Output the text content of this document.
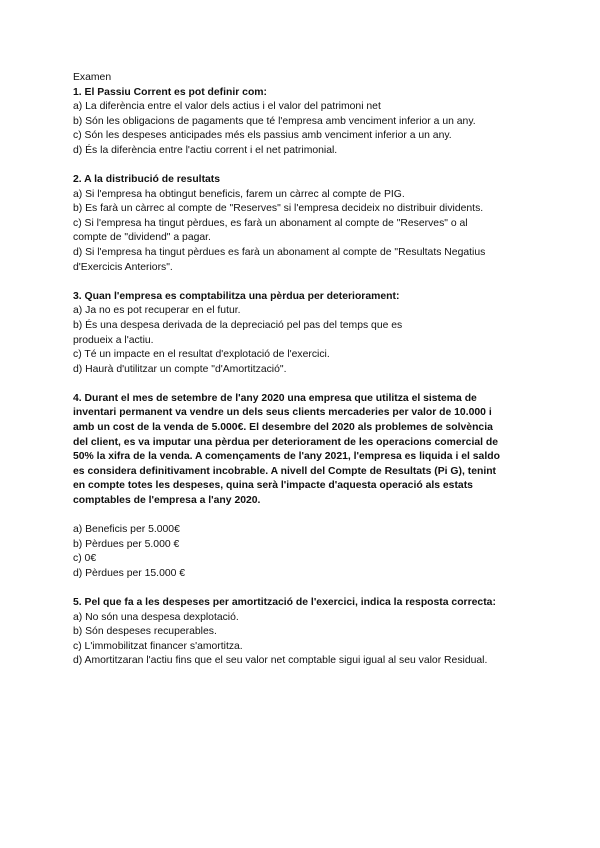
Examen
1. El Passiu Corrent es pot definir com:
a) La diferència entre el valor dels actius i el valor del patrimoni net
b) Són les obligacions de pagaments que té l'empresa amb venciment inferior a un any.
c) Són les despeses anticipades més els passius amb venciment inferior a un any.
d) És la diferència entre l'actiu corrent i el net patrimonial.
2. A la distribució de resultats
a) Si l'empresa ha obtingut beneficis, farem un càrrec al compte de PIG.
b) Es farà un càrrec al compte de "Reserves" si l'empresa decideix no distribuir dividents.
c) Si l'empresa ha tingut pèrdues, es farà un abonament al compte de "Reserves" o al
compte de "dividend" a pagar.
d) Si l'empresa ha tingut pèrdues es farà un abonament al compte de "Resultats Negatius
d'Exercicis Anteriors".
3. Quan l'empresa es comptabilitza una pèrdua per deteriorament:
a) Ja no es pot recuperar en el futur.
b) És una despesa derivada de la depreciació pel pas del temps que es
produeix a l'actiu.
c) Té un impacte en el resultat d'explotació de l'exercici.
d) Haurà d'utilitzar un compte "d'Amortització".
4. Durant el mes de setembre de l'any 2020 una empresa que utilitza el sistema de
inventari permanent va vendre un dels seus clients mercaderies per valor de 10.000 i
amb un cost de la venda de 5.000€. El desembre del 2020 als problemes de solvència
del client, es va imputar una pèrdua per deteriorament de les operacions comercial de
50% la xifra de la venda. A començaments de l'any 2021, l'empresa es liquida i el saldo
es considera definitivament incobrable. A nivell del Compte de Resultats (Pi G), tenint
en compte totes les despeses, quina serà l'impacte d'aquesta operació als estats
comptables de l'empresa a l'any 2020.
a) Beneficis per 5.000€
b) Pèrdues per 5.000 €
c) 0€
d) Pèrdues per 15.000 €
5. Pel que fa a les despeses per amortització de l'exercici, indica la resposta correcta:
a) No són una despesa dexplotació.
b) Són despeses recuperables.
c) L'immobilitzat financer s'amortitza.
d) Amortitzaran l'actiu fins que el seu valor net comptable sigui igual al seu valor Residual.
